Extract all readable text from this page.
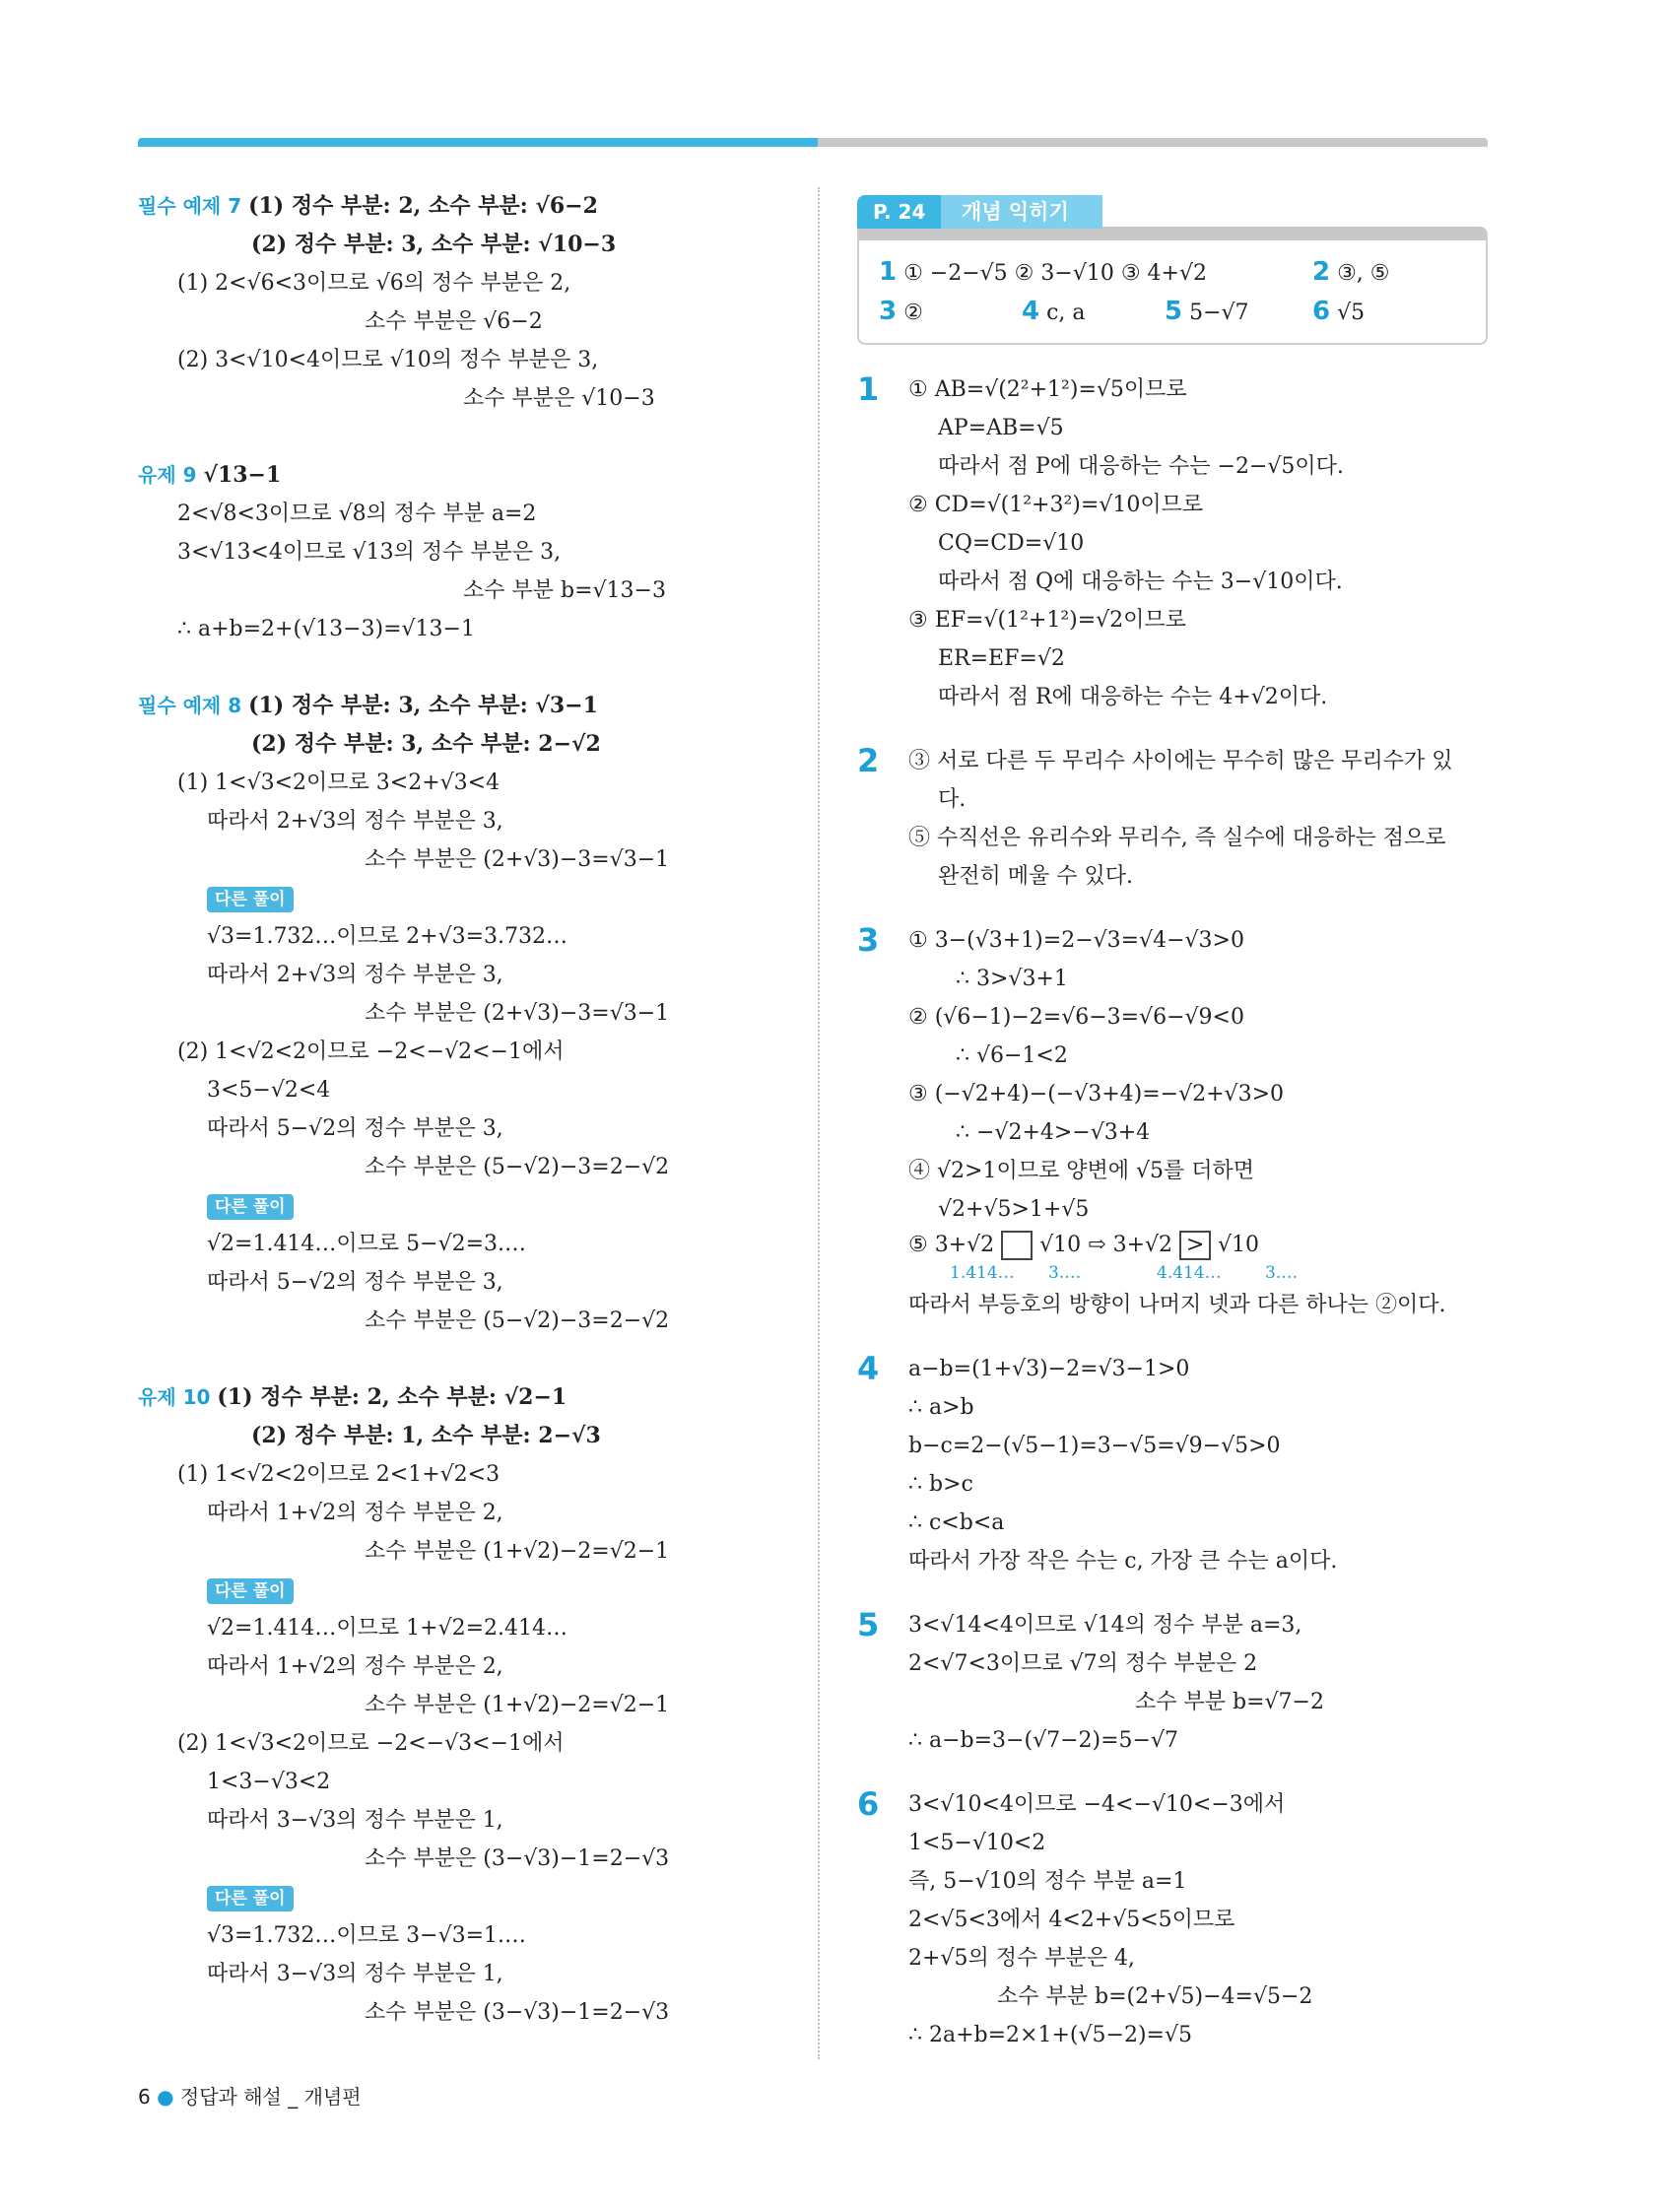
필수 예제 7 (1) 정수 부분: 2, 소수 부분: √6−2
(2) 정수 부분: 3, 소수 부분: √10−3
(1) 2<√6<3이므로 √6의 정수 부분은 2,
소수 부분은 √6−2
(2) 3<√10<4이므로 √10의 정수 부분은 3,
소수 부분은 √10−3
유제 9 √13−1
2<√8<3이므로 √8의 정수 부분 a=2
3<√13<4이므로 √13의 정수 부분은 3,
소수 부분 b=√13−3
∴ a+b=2+(√13−3)=√13−1
필수 예제 8 (1) 정수 부분: 3, 소수 부분: √3−1
(2) 정수 부분: 3, 소수 부분: 2−√2
(1) 1<√3<2이므로 3<2+√3<4
따라서 2+√3의 정수 부분은 3,
소수 부분은 (2+√3)−3=√3−1
다른 풀이
√3=1.732…이므로 2+√3=3.732…
따라서 2+√3의 정수 부분은 3,
소수 부분은 (2+√3)−3=√3−1
(2) 1<√2<2이므로 −2<−√2<−1에서
3<5−√2<4
따라서 5−√2의 정수 부분은 3,
소수 부분은 (5−√2)−3=2−√2
다른 풀이
√2=1.414…이므로 5−√2=3.…
따라서 5−√2의 정수 부분은 3,
소수 부분은 (5−√2)−3=2−√2
유제 10 (1) 정수 부분: 2, 소수 부분: √2−1
(2) 정수 부분: 1, 소수 부분: 2−√3
(1) 1<√2<2이므로 2<1+√2<3
따라서 1+√2의 정수 부분은 2,
소수 부분은 (1+√2)−2=√2−1
다른 풀이
√2=1.414…이므로 1+√2=2.414…
따라서 1+√2의 정수 부분은 2,
소수 부분은 (1+√2)−2=√2−1
(2) 1<√3<2이므로 −2<−√3<−1에서
1<3−√3<2
따라서 3−√3의 정수 부분은 1,
소수 부분은 (3−√3)−1=2−√3
다른 풀이
√3=1.732…이므로 3−√3=1.…
따라서 3−√3의 정수 부분은 1,
소수 부분은 (3−√3)−1=2−√3
개념 익히기
P. 24
1 ① −2−√5 ② 3−√10 ③ 4+√2	2 ③, ⑤
3 ②	4 c, a	5 5−√7 6 √5
1	① AB=√(2²+1²)=√5이므로
AP=AB=√5
따라서 점 P에 대응하는 수는 −2−√5이다.
② CD=√(1²+3²)=√10이므로
CQ=CD=√10
따라서 점 Q에 대응하는 수는 3−√10이다.
③ EF=√(1²+1²)=√2이므로
ER=EF=√2
따라서 점 R에 대응하는 수는 4+√2이다.
2	③ 서로 다른 두 무리수 사이에는 무수히 많은 무리수가 있
다.
⑤ 수직선은 유리수와 무리수, 즉 실수에 대응하는 점으로
완전히 메울 수 있다.
3	① 3−(√3+1)=2−√3=√4−√3>0
∴ 3>√3+1
② (√6−1)−2=√6−3=√6−√9<0
∴ √6−1<2
③ (−√2+4)−(−√3+4)=−√2+√3>0
∴ −√2+4>−√3+4
④ √2>1이므로 양변에 √5를 더하면
√2+√5>1+√5
⑤ 3+√2  √10 ⇨ 3+√2 > √10
1.414… 3.…	4.414…	3.…
따라서 부등호의 방향이 나머지 넷과 다른 하나는 ②이다.
4	a−b=(1+√3)−2=√3−1>0
∴ a>b
b−c=2−(√5−1)=3−√5=√9−√5>0
∴ b>c
∴ c<b<a
따라서 가장 작은 수는 c, 가장 큰 수는 a이다.
5	3<√14<4이므로 √14의 정수 부분 a=3,
2<√7<3이므로 √7의 정수 부분은 2
소수 부분 b=√7−2
∴ a−b=3−(√7−2)=5−√7
6	3<√10<4이므로 −4<−√10<−3에서
1<5−√10<2
즉, 5−√10의 정수 부분 a=1
2<√5<3에서 4<2+√5<5이므로
2+√5의 정수 부분은 4,
소수 부분 b=(2+√5)−4=√5−2
∴ 2a+b=2×1+(√5−2)=√5
6 ● 정답과 해설 _ 개념편
